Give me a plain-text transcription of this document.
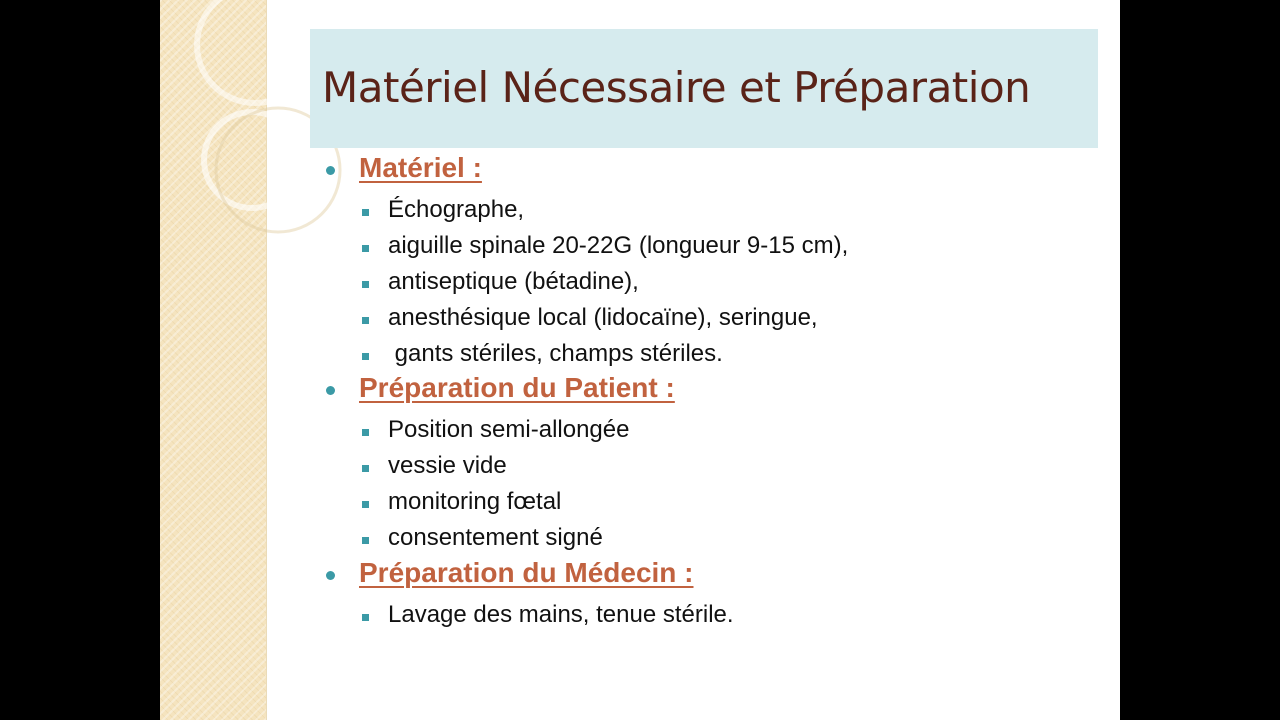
Matériel Nécessaire et Préparation
Matériel :
Échographe,
aiguille spinale 20-22G (longueur 9-15 cm),
antiseptique (bétadine),
anesthésique local (lidocaïne), seringue,
gants stériles, champs stériles.
Préparation du Patient :
Position semi-allongée
vessie vide
monitoring fœtal
consentement signé
Préparation du Médecin :
Lavage des mains, tenue stérile.
